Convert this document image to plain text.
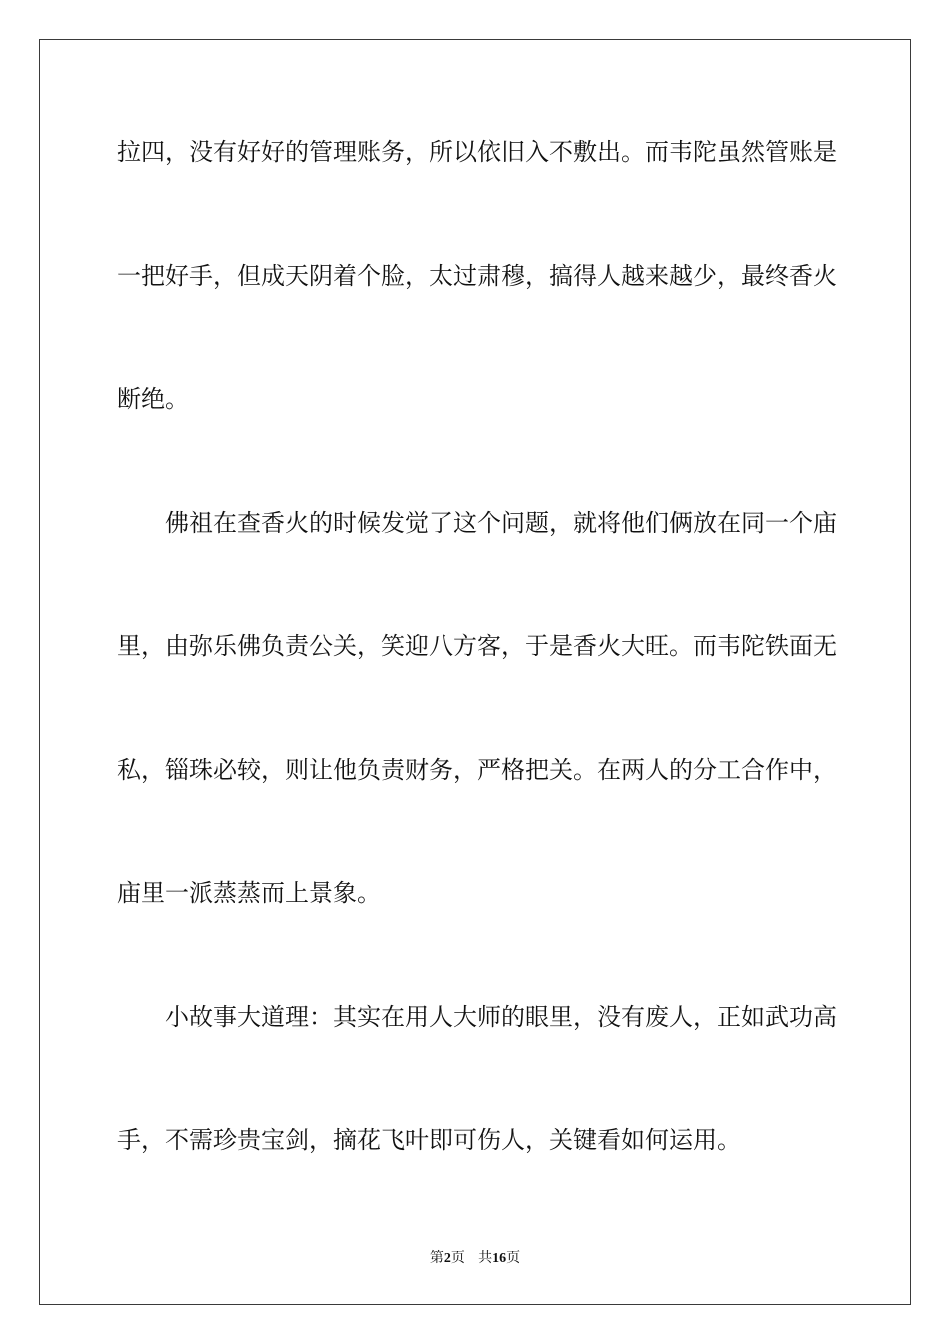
拉四，没有好好的管理账务，所以依旧入不敷出。而韦陀虽然管账是
一把好手，但成天阴着个脸，太过肃穆，搞得人越来越少，最终香火
断绝。
佛祖在查香火的时候发觉了这个问题，就将他们俩放在同一个庙
里，由弥乐佛负责公关，笑迎八方客，于是香火大旺。而韦陀铁面无
私，锱珠必较，则让他负责财务，严格把关。在两人的分工合作中，
庙里一派蒸蒸而上景象。
小故事大道理：其实在用人大师的眼里，没有废人，正如武功高
手，不需珍贵宝剑，摘花飞叶即可伤人，关键看如何运用。
第2页 共16页
